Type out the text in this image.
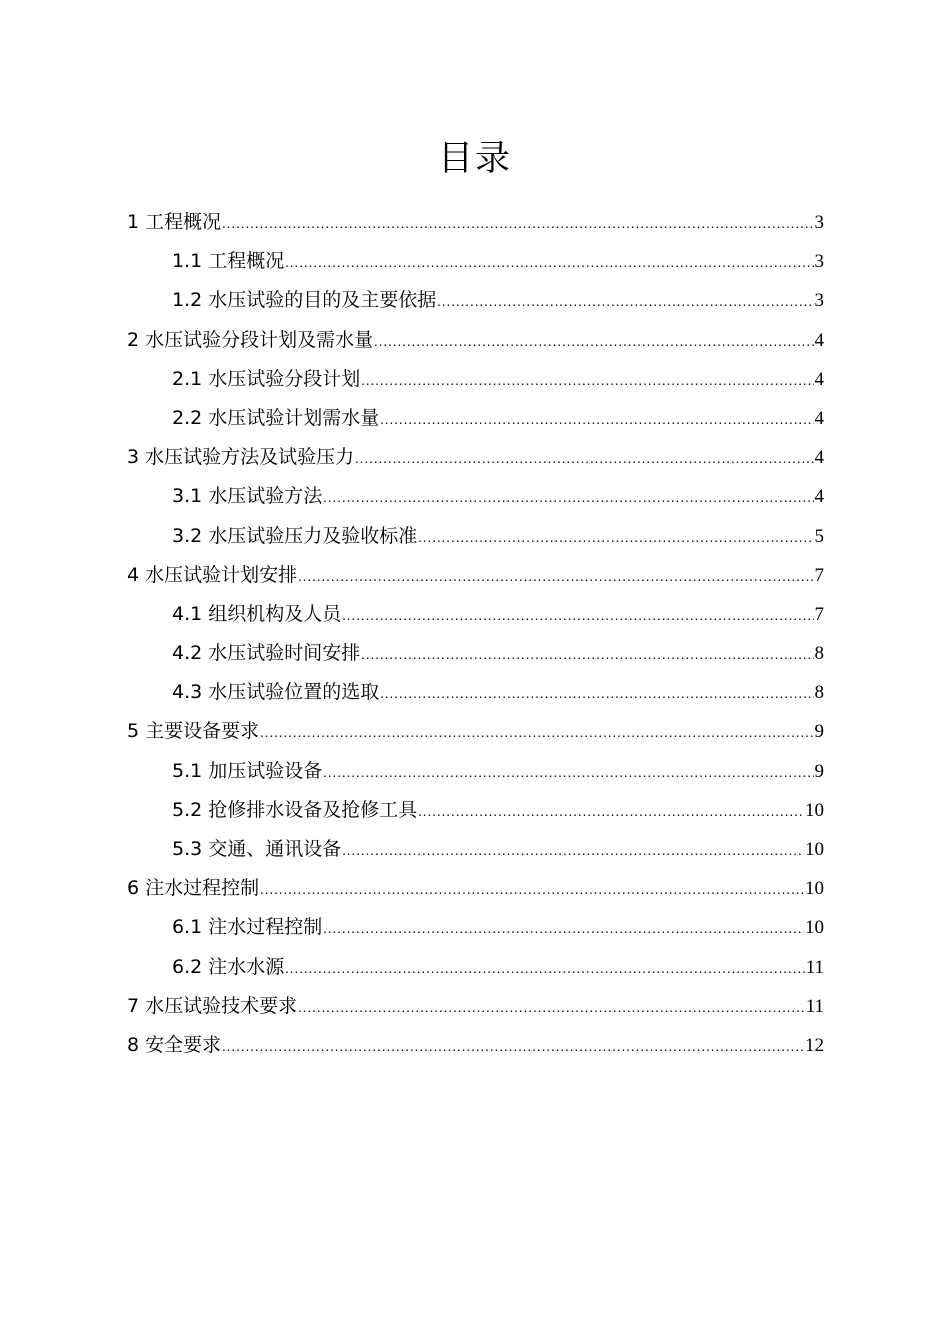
目录
1 工程概况 .....	3
1.1 工程概况 .....	3
1.2 水压试验的目的及主要依据 .....	3
2 水压试验分段计划及需水量 .....	4
2.1 水压试验分段计划 .....	4
2.2 水压试验计划需水量 .....	4
3 水压试验方法及试验压力 .....	4
3.1 水压试验方法 .....	4
3.2 水压试验压力及验收标准 .....	5
4 水压试验计划安排 .....	7
4.1 组织机构及人员 .....	7
4.2 水压试验时间安排 .....	8
4.3 水压试验位置的选取 .....	8
5 主要设备要求 .....	9
5.1 加压试验设备 .....	9
5.2 抢修排水设备及抢修工具 .....	10
5.3 交通、通讯设备 .....	10
6 注水过程控制 .....	10
6.1 注水过程控制 .....	10
6.2 注水水源 .....	11
7 水压试验技术要求 .....	11
8 安全要求 .....	12
